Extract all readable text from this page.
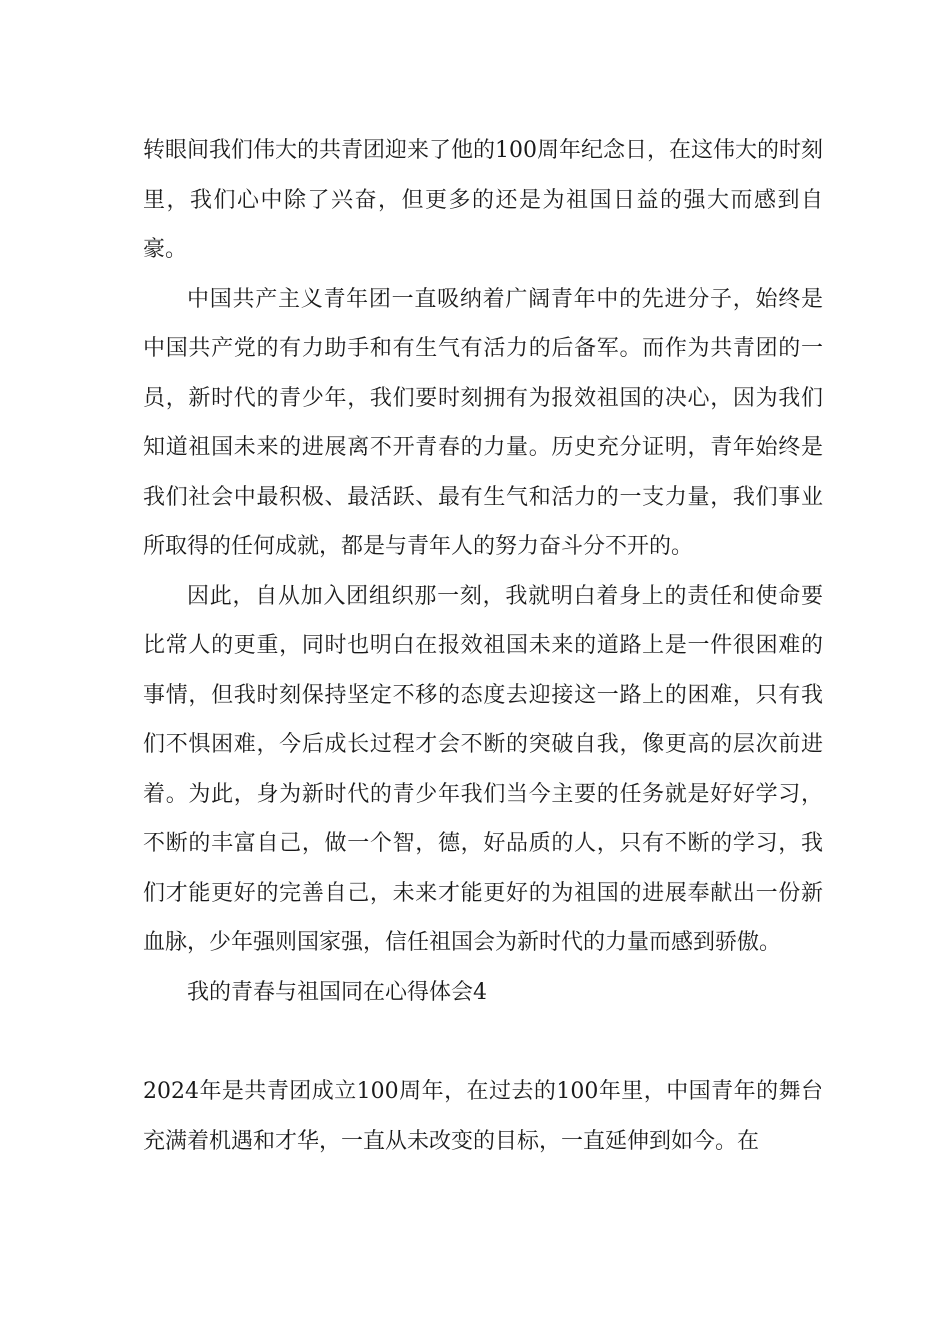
转眼间我们伟大的共青团迎来了他的100周年纪念日，在这伟大的时刻里，我们心中除了兴奋，但更多的还是为祖国日益的强大而感到自豪。

中国共产主义青年团一直吸纳着广阔青年中的先进分子，始终是中国共产党的有力助手和有生气有活力的后备军。而作为共青团的一员，新时代的青少年，我们要时刻拥有为报效祖国的决心，因为我们知道祖国未来的进展离不开青春的力量。历史充分证明，青年始终是我们社会中最积极、最活跃、最有生气和活力的一支力量，我们事业所取得的任何成就，都是与青年人的努力奋斗分不开的。

因此，自从加入团组织那一刻，我就明白着身上的责任和使命要比常人的更重，同时也明白在报效祖国未来的道路上是一件很困难的事情，但我时刻保持坚定不移的态度去迎接这一路上的困难，只有我们不惧困难，今后成长过程才会不断的突破自我，像更高的层次前进着。为此，身为新时代的青少年我们当今主要的任务就是好好学习，不断的丰富自己，做一个智，德，好品质的人，只有不断的学习，我们才能更好的完善自己，未来才能更好的为祖国的进展奉献出一份新血脉，少年强则国家强，信任祖国会为新时代的力量而感到骄傲。

我的青春与祖国同在心得体会4

2024年是共青团成立100周年，在过去的100年里，中国青年的舞台充满着机遇和才华，一直从未改变的目标，一直延伸到如今。在
